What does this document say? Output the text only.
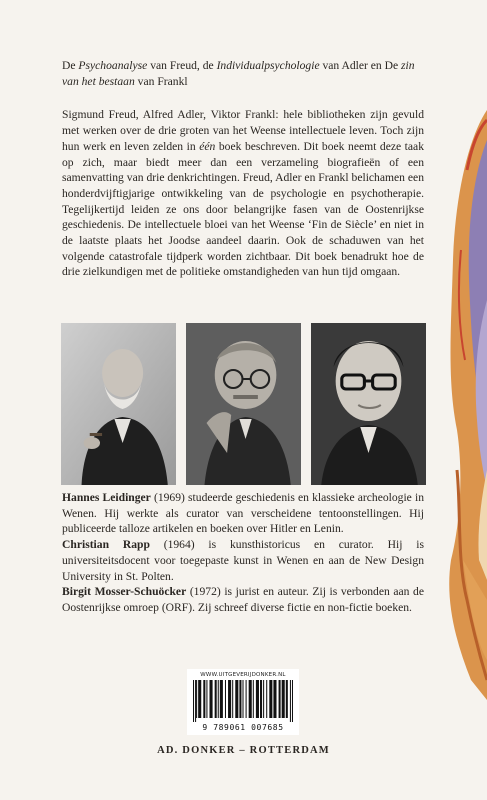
De Psychoanalyse van Freud, de Individualpsychologie van Adler en De zin van het bestaan van Frankl

Sigmund Freud, Alfred Adler, Viktor Frankl: hele bibliotheken zijn gevuld met werken over de drie groten van het Weense intellectuele leven. Toch zijn hun werk en leven zelden in één boek beschreven. Dit boek neemt deze taak op zich, maar biedt meer dan een verzameling biografieën of een samenvatting van drie denkrichtingen. Freud, Adler en Frankl belichamen een honderdvijftigjarige ontwikkeling van de psychologie en psychotherapie. Tegelijkertijd leiden ze ons door belangrijke fasen van de Oostenrijkse geschiedenis. De intellectuele bloei van het Weense ‘Fin de Siècle’ en niet in de laatste plaats het Joodse aandeel daarin. Ook de schaduwen van het volgende catastrofale tijdperk worden zichtbaar. Dit boek benadrukt hoe de drie zielkundigen met de politieke omstandigheden van hun tijd omgaan.

Hannes Leidinger (1969) studeerde geschiedenis en klassieke archeologie in Wenen. Hij werkte als curator van verscheidene tentoonstellingen. Hij publiceerde talloze artikelen en boeken over Hitler en Lenin.

Christian Rapp (1964) is kunsthistoricus en curator. Hij is universiteitsdocent voor toegepaste kunst in Wenen en aan de New Design University in St. Polten.

Birgit Mosser-Schuöcker (1972) is jurist en auteur. Zij is verbonden aan de Oostenrijkse omroep (ORF). Zij schreef diverse fictie en non-fictie boeken.

WWW.UITGEVERIJDONKER.NL
9 789061 007685
AD. DONKER – ROTTERDAM
